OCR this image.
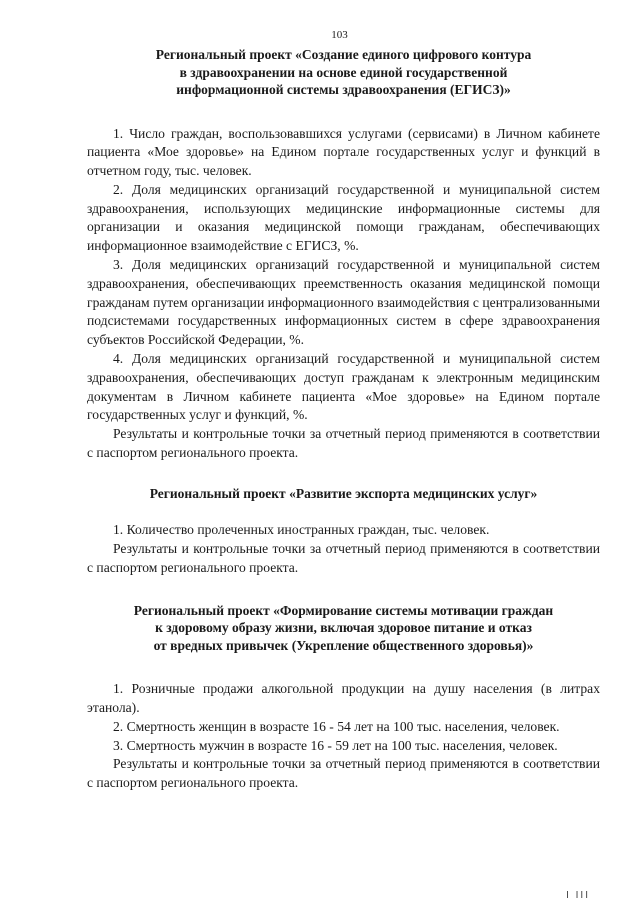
103
Региональный проект «Создание единого цифрового контура
в здравоохранении на основе единой государственной
информационной системы здравоохранения (ЕГИСЗ)»

1. Число граждан, воспользовавшихся услугами (сервисами) в Личном кабинете пациента «Мое здоровье» на Едином портале государственных услуг и функций в отчетном году, тыс. человек.

2. Доля медицинских организаций государственной и муниципальной систем здравоохранения, использующих медицинские информационные системы для организации и оказания медицинской помощи гражданам, обеспечивающих информационное взаимодействие с ЕГИСЗ, %.

3. Доля медицинских организаций государственной и муниципальной систем здравоохранения, обеспечивающих преемственность оказания медицинской помощи гражданам путем организации информационного взаимодействия с централизованными подсистемами государственных информационных систем в сфере здравоохранения субъектов Российской Федерации, %.

4. Доля медицинских организаций государственной и муниципальной систем здравоохранения, обеспечивающих доступ гражданам к электронным медицинским документам в Личном кабинете пациента «Мое здоровье» на Едином портале государственных услуг и функций, %.

Результаты и контрольные точки за отчетный период применяются в соответствии с паспортом регионального проекта.

Региональный проект «Развитие экспорта медицинских услуг»

1. Количество пролеченных иностранных граждан, тыс. человек.

Результаты и контрольные точки за отчетный период применяются в соответствии с паспортом регионального проекта.

Региональный проект «Формирование системы мотивации граждан
к здоровому образу жизни, включая здоровое питание и отказ
от вредных привычек (Укрепление общественного здоровья)»

1. Розничные продажи алкогольной продукции на душу населения (в литрах этанола).

2. Смертность женщин в возрасте 16 - 54 лет на 100 тыс. населения, человек.

3. Смертность мужчин в возрасте 16 - 59 лет на 100 тыс. населения, человек.

Результаты и контрольные точки за отчетный период применяются в соответствии с паспортом регионального проекта.

I III
